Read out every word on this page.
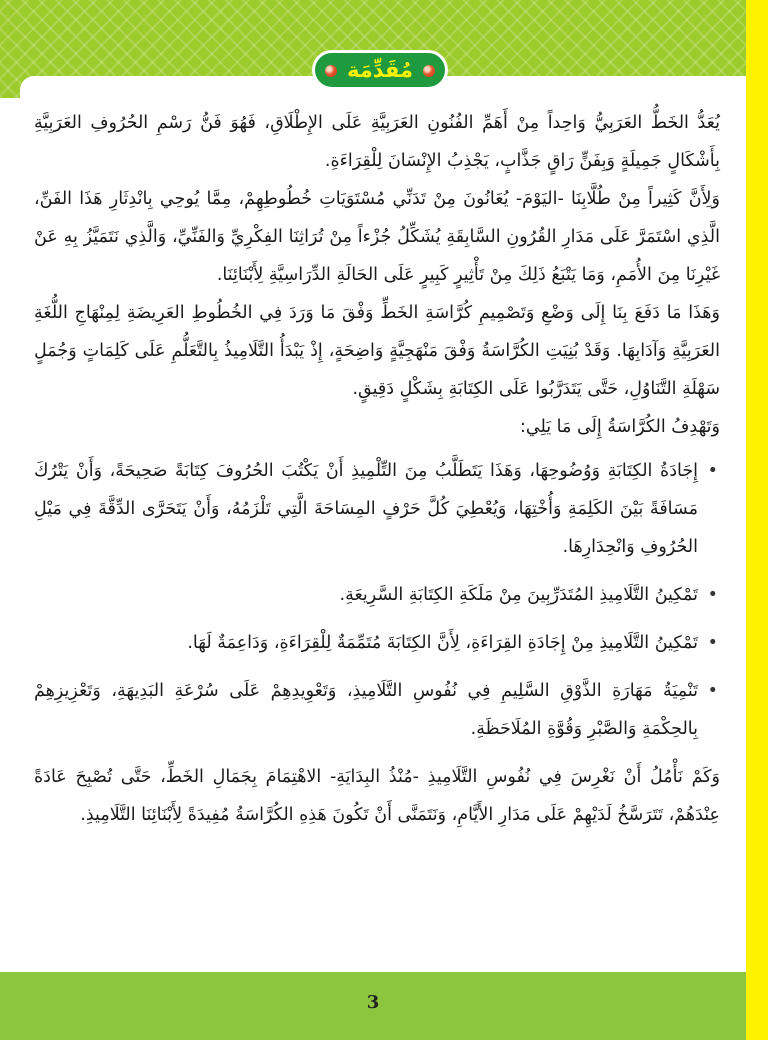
مُقَدِّمَة

يُعَدُّ الخَطُّ العَرَبِيُّ وَاحِداً مِنْ أَهَمِّ الفُنُونِ العَرَبِيَّةِ عَلَى الإِطْلَاقِ، فَهُوَ فَنُّ رَسْمِ الحُرُوفِ العَرَبِيَّةِ بِأَشْكَالٍ جَمِيلَةٍ وَبِفَنٍّ رَاقٍ جَذَّابٍ، يَجْذِبُ الإِنْسَانَ لِلْقِرَاءَةِ.

وَلِأَنَّ كَثِيراً مِنْ طُلَّابِنَا -اليَوْمَ- يُعَانُونَ مِنْ تَدَنِّي مُسْتَوَيَاتِ خُطُوطِهِمْ، مِمَّا يُوحِي بِانْدِثَارِ هَذَا الفَنِّ، الَّذِي اسْتَمَرَّ عَلَى مَدَارِ القُرُونِ السَّابِقَةِ يُشَكِّلُ جُزْءاً مِنْ تُرَاثِنَا الفِكْرِيِّ وَالفَنِّيِّ، وَالَّذِي نَتَمَيَّزُ بِهِ عَنْ غَيْرِنَا مِنَ الأُمَمِ، وَمَا يَتْبَعُ ذَلِكَ مِنْ تَأْثِيرٍ كَبِيرٍ عَلَى الحَالَةِ الدِّرَاسِيَّةِ لِأَبْنَائِنَا.

وَهَذَا مَا دَفَعَ بِنَا إِلَى وَضْعِ وَتَصْمِيمِ كُرَّاسَةِ الخَطِّ وَفْقَ مَا وَرَدَ فِي الخُطُوطِ العَرِيضَةِ لِمِنْهَاجِ اللُّغَةِ العَرَبِيَّةِ وَآدَابِهَا. وَقَدْ بُنِيَتِ الكُرَّاسَةُ وَفْقَ مَنْهَجِيَّةٍ وَاضِحَةٍ، إِذْ يَبْدَأُ التَّلَامِيذُ بِالتَّعَلُّمِ عَلَى كَلِمَاتٍ وَجُمَلٍ سَهْلَةِ التَّنَاوُلِ، حَتَّى يَتَدَرَّبُوا عَلَى الكِتَابَةِ بِشَكْلٍ دَقِيقٍ.

وَتَهْدِفُ الكُرَّاسَةُ إِلَى مَا يَلِي:

• إِجَادَةُ الكِتَابَةِ وَوُضُوحِهَا، وَهَذَا يَتَطَلَّبُ مِنَ التِّلْمِيذِ أَنْ يَكْتُبَ الحُرُوفَ كِتَابَةً صَحِيحَةً، وَأَنْ يَتْرُكَ مَسَافَةً بَيْنَ الكَلِمَةِ وَأُخْتِهَا، وَيُعْطِيَ كُلَّ حَرْفٍ المِسَاحَةَ الَّتِي تَلْزَمُهُ، وَأَنْ يَتَحَرَّى الدِّقَّةَ فِي مَيْلِ الحُرُوفِ وَانْحِدَارِهَا.
• تَمْكِينُ التَّلَامِيذِ المُتَدَرِّبِينَ مِنْ مَلَكَةِ الكِتَابَةِ السَّرِيعَةِ.
• تَمْكِينُ التَّلَامِيذِ مِنْ إِجَادَةِ القِرَاءَةِ، لِأَنَّ الكِتَابَةَ مُتَمِّمَةٌ لِلْقِرَاءَةِ، وَدَاعِمَةٌ لَهَا.
• تَنْمِيَةُ مَهَارَةِ الذَّوْقِ السَّلِيمِ فِي نُفُوسِ التَّلَامِيذِ، وَتَعْوِيدِهِمْ عَلَى سُرْعَةِ البَدِيهَةِ، وَتَعْزِيزِهِمْ بِالحِكْمَةِ وَالصَّبْرِ وَقُوَّةِ المُلَاحَظَةِ.

وَكَمْ نَأْمُلُ أَنْ نَغْرِسَ فِي نُفُوسِ التَّلَامِيذِ -مُنْذُ البِدَايَةِ- الاهْتِمَامَ بِجَمَالِ الخَطِّ، حَتَّى تُصْبِحَ عَادَةً عِنْدَهُمْ، تَتَرَسَّخُ لَدَيْهِمْ عَلَى مَدَارِ الأَيَّامِ، وَنَتَمَنَّى أَنْ تَكُونَ هَذِهِ الكُرَّاسَةُ مُفِيدَةً لِأَبْنَائِنَا التَّلَامِيذِ.

3
